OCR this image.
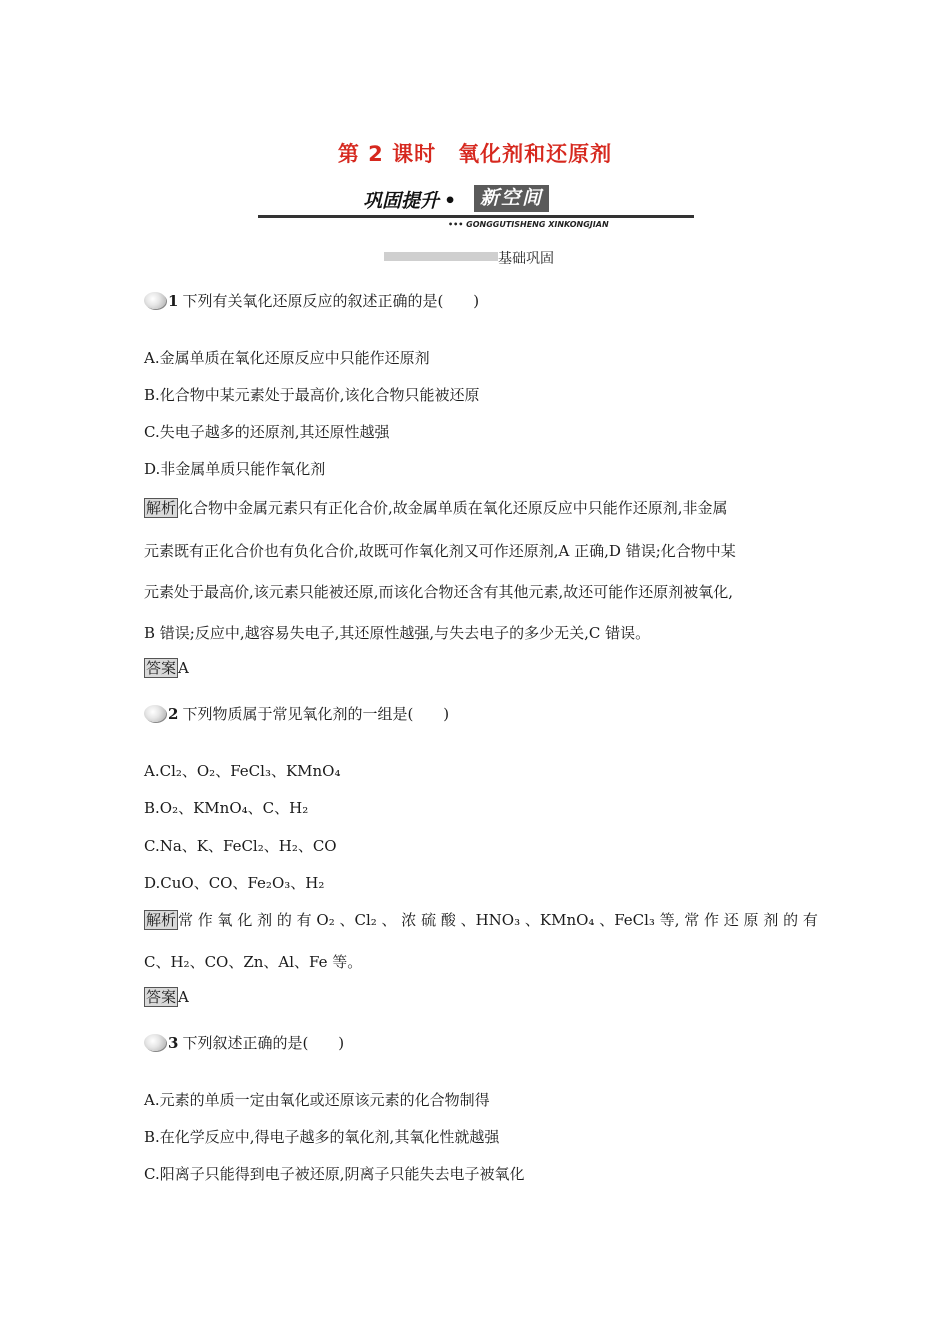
第 2 课时　氧化剂和还原剂
巩固提升 •	新空间
••• GONGGUTISHENG XINKONGJIAN
基础巩固
1 下列有关氧化还原反应的叙述正确的是(　　)
A.金属单质在氧化还原反应中只能作还原剂
B.化合物中某元素处于最高价,该化合物只能被还原
C.失电子越多的还原剂,其还原性越强
D.非金属单质只能作氧化剂
解析 化合物中金属元素只有正化合价,故金属单质在氧化还原反应中只能作还原剂,非金属
元素既有正化合价也有负化合价,故既可作氧化剂又可作还原剂,A 正确,D 错误;化合物中某
元素处于最高价,该元素只能被还原,而该化合物还含有其他元素,故还可能作还原剂被氧化,
B 错误;反应中,越容易失电子,其还原性越强,与失去电子的多少无关,C 错误。
答案 A
2 下列物质属于常见氧化剂的一组是(　　)
A.Cl₂、O₂、FeCl₃、KMnO₄
B.O₂、KMnO₄、C、H₂
C.Na、K、FeCl₂、H₂、CO
D.CuO、CO、Fe₂O₃、H₂
解析 常 作 氧 化 剂 的 有 O₂ 、Cl₂ 、 浓 硫 酸 、HNO₃ 、KMnO₄ 、FeCl₃ 等, 常 作 还 原 剂 的 有
C、H₂、CO、Zn、Al、Fe 等。
答案 A
3 下列叙述正确的是(　　)
A.元素的单质一定由氧化或还原该元素的化合物制得
B.在化学反应中,得电子越多的氧化剂,其氧化性就越强
C.阳离子只能得到电子被还原,阴离子只能失去电子被氧化
